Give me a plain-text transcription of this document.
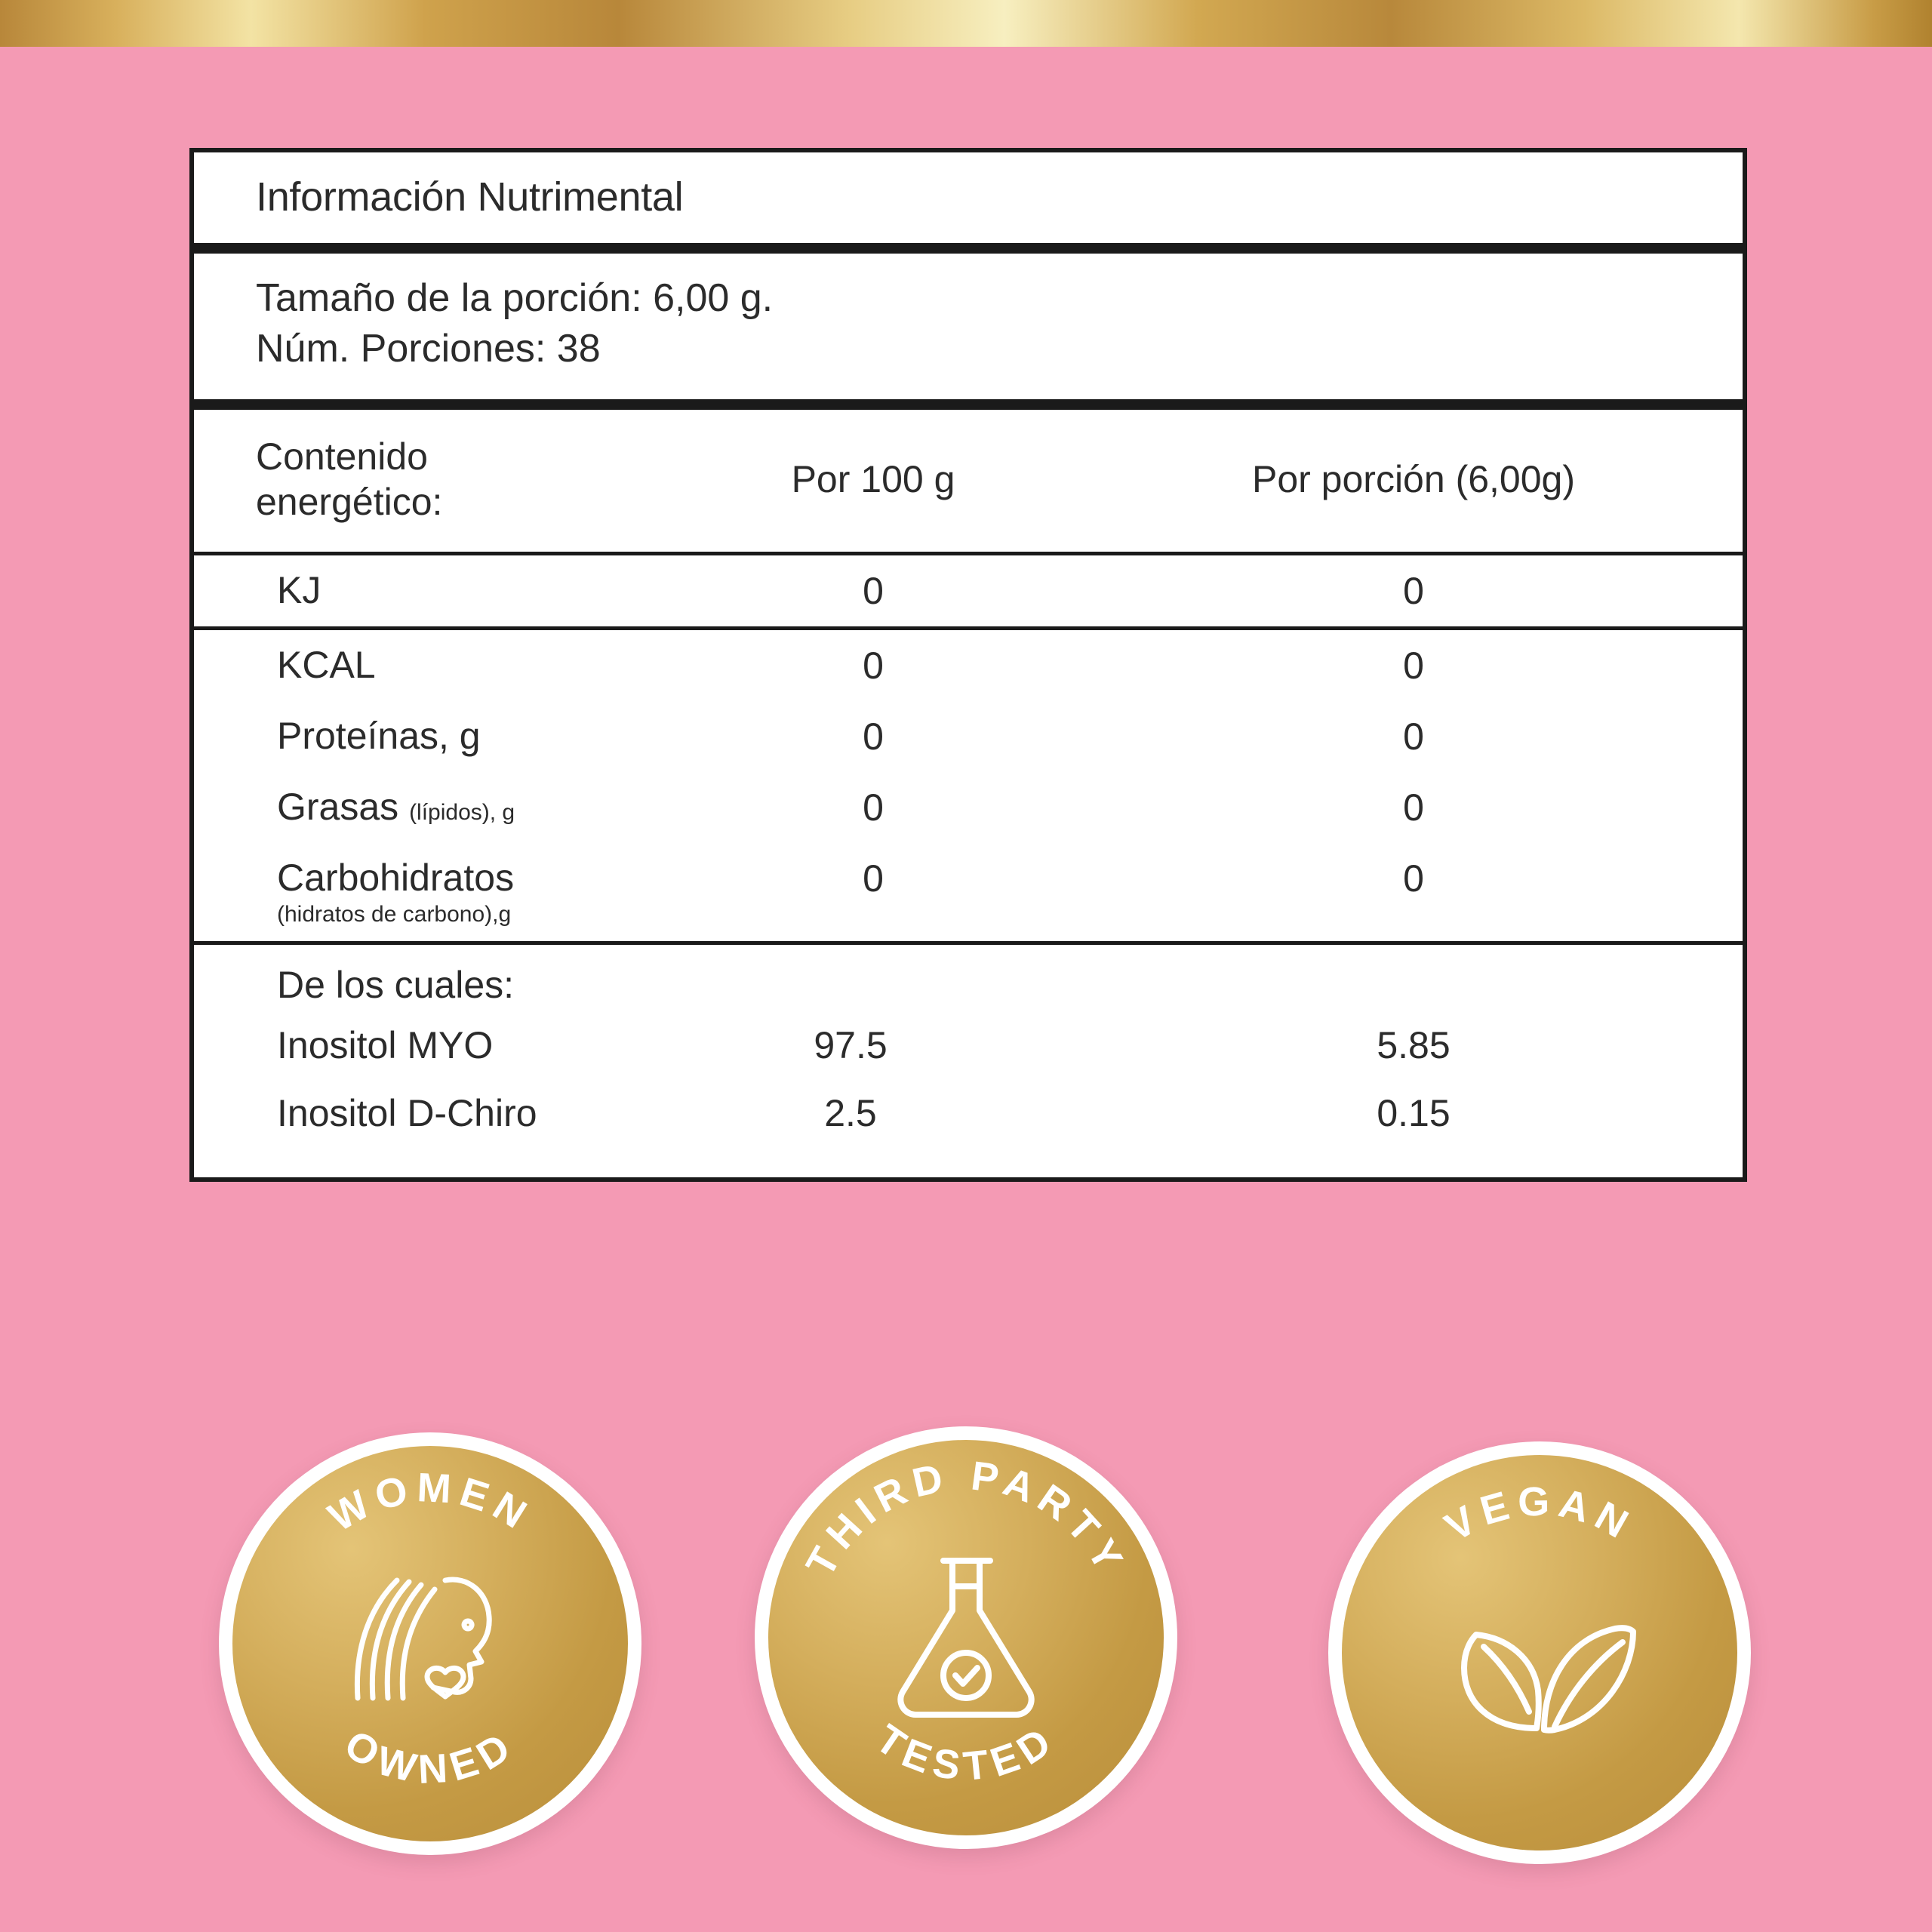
Información Nutrimental
Tamaño de la porción: 6,00 g.
Núm. Porciones: 38
Contenido
energético:
Por 100 g	Por porción (6,00g)
KJ	0	0
KCAL	0	0
Proteínas, g	0	0
Grasas (lípidos), g	0	0
Carbohidratos
(hidratos de carbono),g
0	0
De los cuales:
Inositol MYO	97.5	5.85
Inositol D-Chiro	2.5	0.15
WOMEN
OWNED
THIRD PARTY
TESTED
VEGAN
